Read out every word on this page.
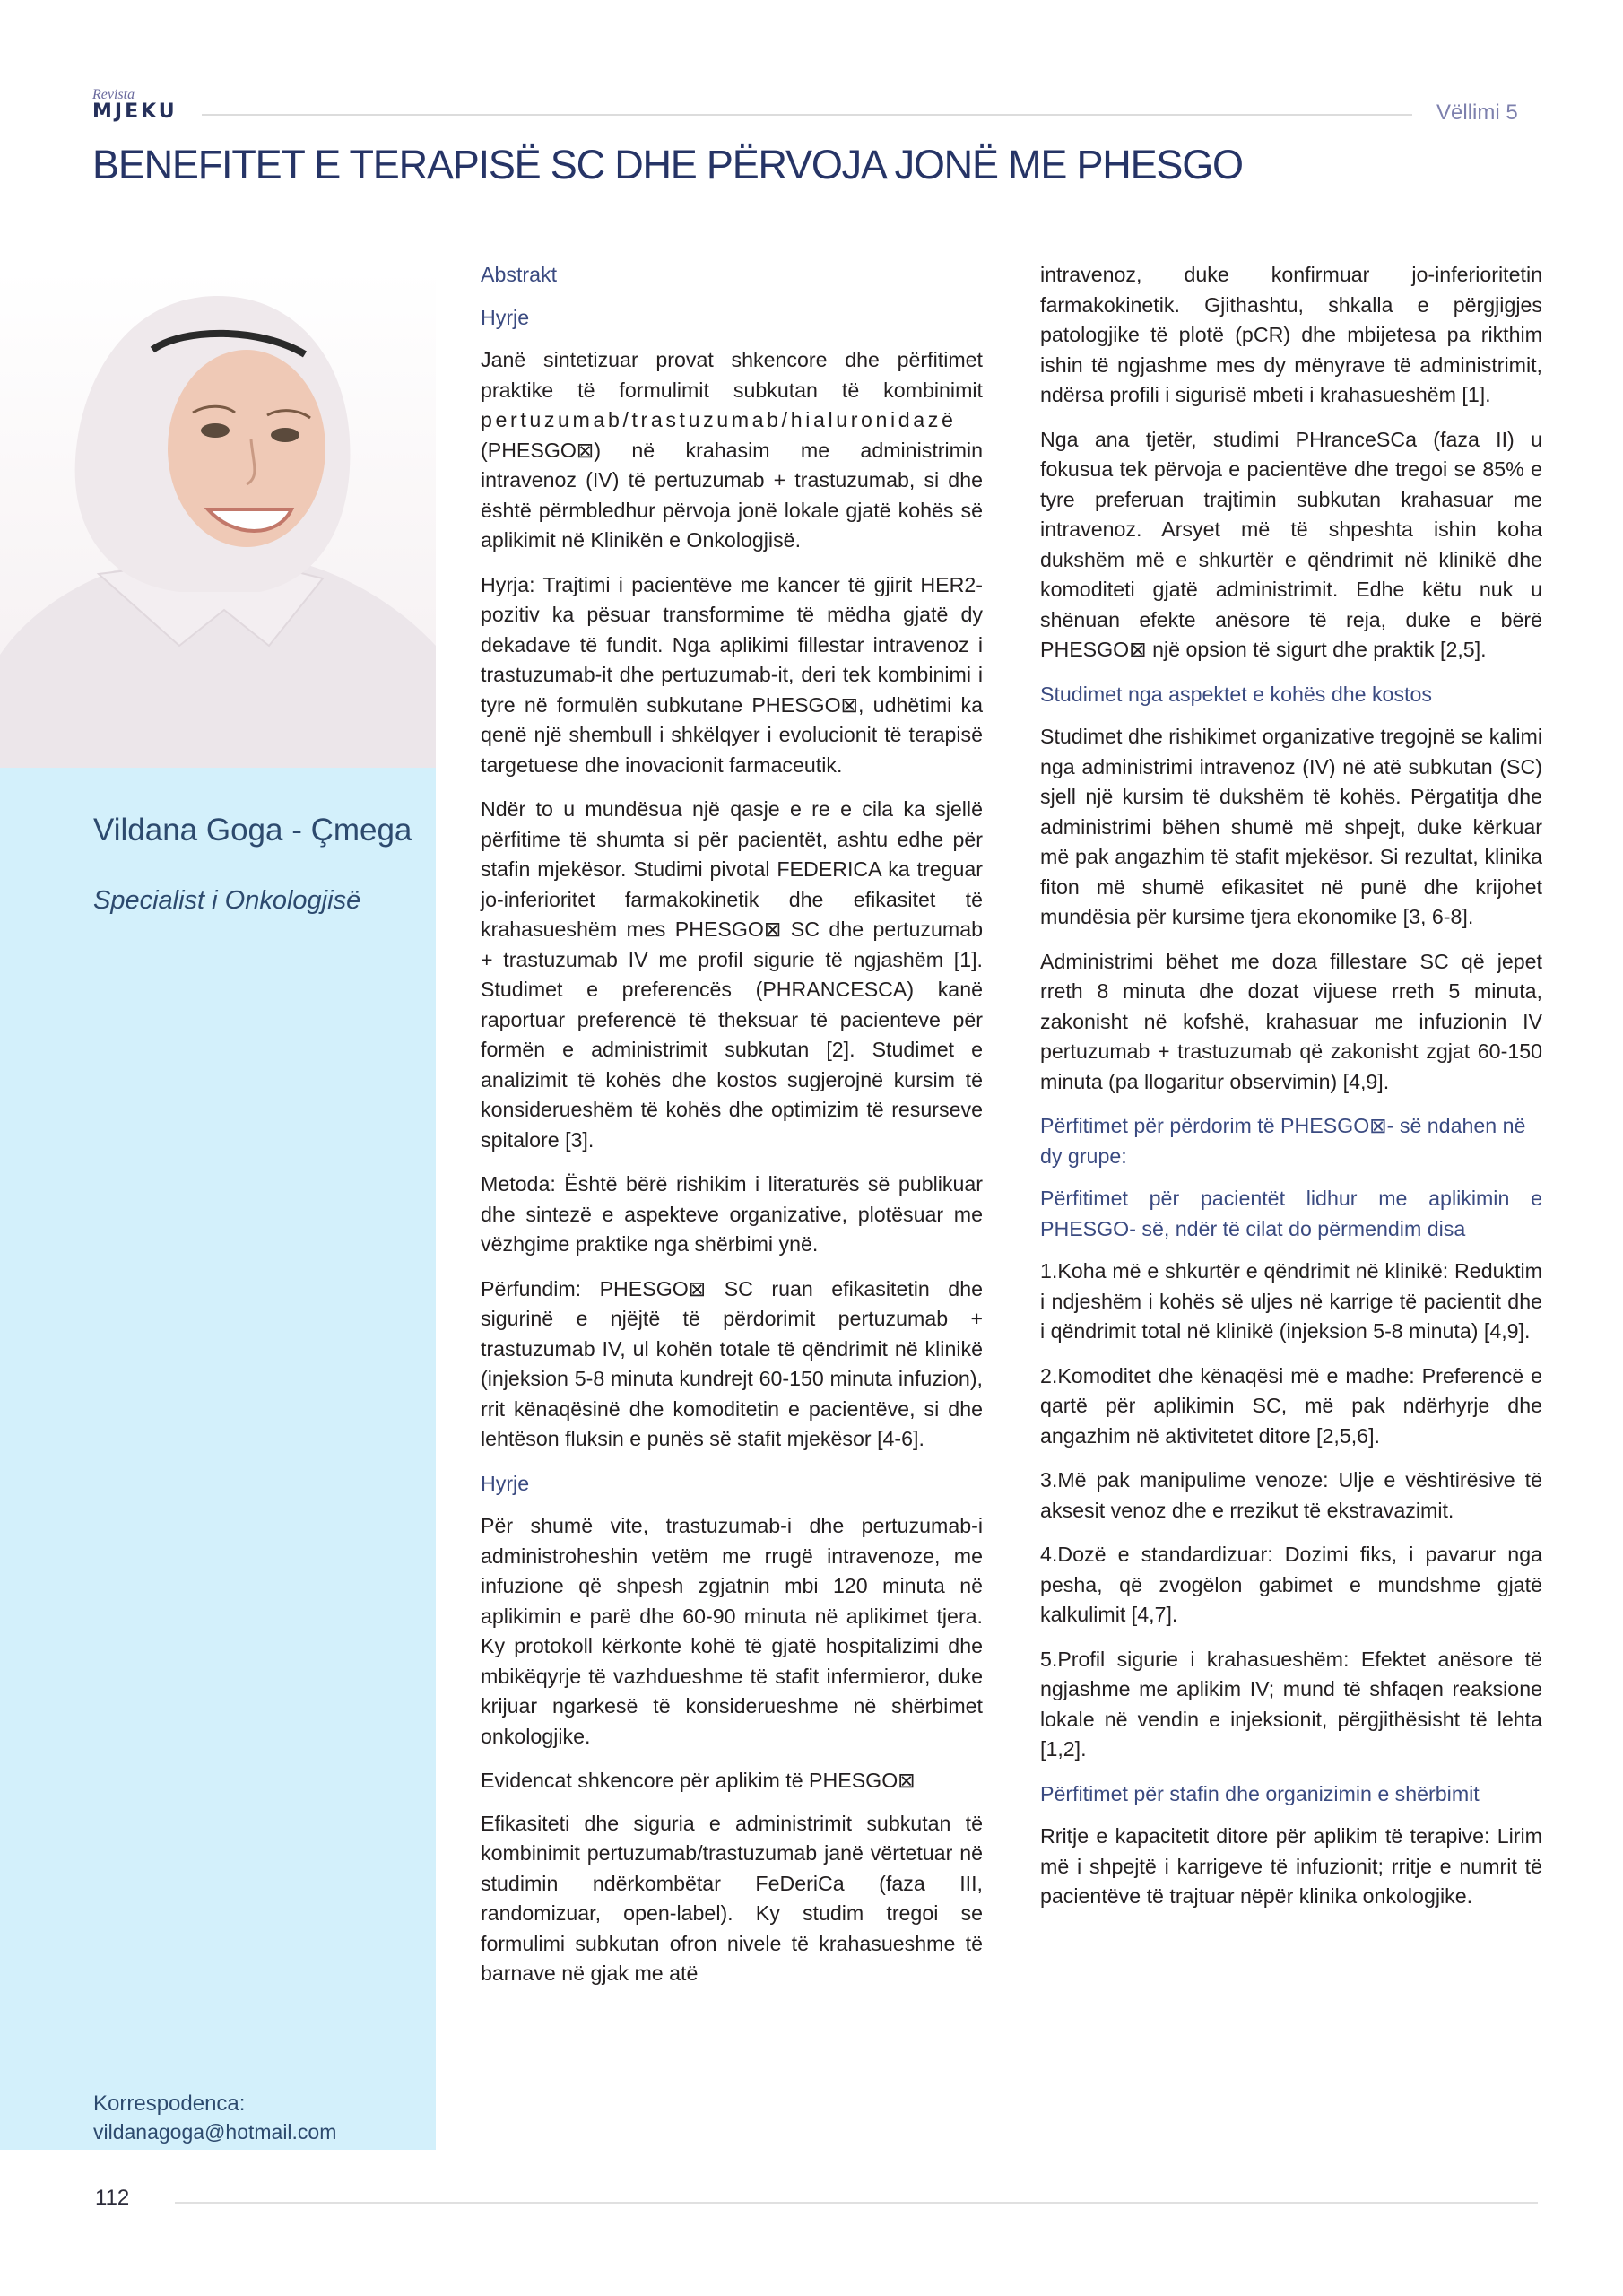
Revista
MJEKU	Vëllimi 5
BENEFITET E TERAPISË SC DHE PËRVOJA JONË ME PHESGO
Vildana Goga - Çmega
Specialist i Onkologjisë
Korrespodenca:
vildanagoga@hotmail.com
Abstrakt
Hyrje

Janë sintetizuar provat shkencore dhe përfitimet praktike të formulimit subkutan të kombinimit pertuzumab/trastuzumab/hialuronidazë (PHESGO⊠) në krahasim me administrimin intravenoz (IV) të pertuzumab + trastuzumab, si dhe është përmbledhur përvoja jonë lokale gjatë kohës së aplikimit në Klinikën e Onkologjisë.

Hyrja: Trajtimi i pacientëve me kancer të gjirit HER2-pozitiv ka pësuar transformime të mëdha gjatë dy dekadave të fundit. Nga aplikimi fillestar intravenoz i trastuzumab-it dhe pertuzumab-it, deri tek kombinimi i tyre në formulën subkutane PHESGO⊠, udhëtimi ka qenë një shembull i shkëlqyer i evolucionit të terapisë targetuese dhe inovacionit farmaceutik.

Ndër to u mundësua një qasje e re e cila ka sjellë përfitime të shumta si për pacientët, ashtu edhe për stafin mjekësor. Studimi pivotal FEDERICA ka treguar jo-inferioritet farmakokinetik dhe efikasitet të krahasueshëm mes PHESGO⊠ SC dhe pertuzumab + trastuzumab IV me profil sigurie të ngjashëm [1]. Studimet e preferencës (PHRANCESCA) kanë raportuar preferencë të theksuar të pacienteve për formën e administrimit subkutan [2]. Studimet e analizimit të kohës dhe kostos sugjerojnë kursim të konsiderueshëm të kohës dhe optimizim të resurseve spitalore [3].

Metoda: Është bërë rishikim i literaturës së publikuar dhe sintezë e aspekteve organizative, plotësuar me vëzhgime praktike nga shërbimi ynë.

Përfundim: PHESGO⊠ SC ruan efikasitetin dhe sigurinë e njëjtë të përdorimit pertuzumab + trastuzumab IV, ul kohën totale të qëndrimit në klinikë (injeksion 5-8 minuta kundrejt 60-150 minuta infuzion), rrit kënaqësinë dhe komoditetin e pacientëve, si dhe lehtëson fluksin e punës së stafit mjekësor [4-6].

Hyrje

Për shumë vite, trastuzumab-i dhe pertuzumab-i administroheshin vetëm me rrugë intravenoze, me infuzione që shpesh zgjatnin mbi 120 minuta në aplikimin e parë dhe 60-90 minuta në aplikimet tjera. Ky protokoll kërkonte kohë të gjatë hospitalizimi dhe mbikëqyrje të vazhdueshme të stafit infermieror, duke krijuar ngarkesë të konsiderueshme në shërbimet onkologjike.

Evidencat shkencore për aplikim të PHESGO⊠

Efikasiteti dhe siguria e administrimit subkutan të kombinimit pertuzumab/trastuzumab janë vërtetuar në studimin ndërkombëtar FeDeriCa (faza III, randomizuar, open-label). Ky studim tregoi se formulimi subkutan ofron nivele të krahasueshme të barnave në gjak me atë

intravenoz, duke konfirmuar jo-inferioritetin farmakokinetik. Gjithashtu, shkalla e përgjigjes patologjike të plotë (pCR) dhe mbijetesa pa rikthim ishin të ngjashme mes dy mënyrave të administrimit, ndërsa profili i sigurisë mbeti i krahasueshëm [1].

Nga ana tjetër, studimi PHranceSCa (faza II) u fokusua tek përvoja e pacientëve dhe tregoi se 85% e tyre preferuan trajtimin subkutan krahasuar me intravenoz. Arsyet më të shpeshta ishin koha dukshëm më e shkurtër e qëndrimit në klinikë dhe komoditeti gjatë administrimit. Edhe këtu nuk u shënuan efekte anësore të reja, duke e bërë PHESGO⊠ një opsion të sigurt dhe praktik [2,5].

Studimet nga aspektet e kohës dhe kostos

Studimet dhe rishikimet organizative tregojnë se kalimi nga administrimi intravenoz (IV) në atë subkutan (SC) sjell një kursim të dukshëm të kohës. Përgatitja dhe administrimi bëhen shumë më shpejt, duke kërkuar më pak angazhim të stafit mjekësor. Si rezultat, klinika fiton më shumë efikasitet në punë dhe krijohet mundësia për kursime tjera ekonomike [3, 6-8].

Administrimi bëhet me doza fillestare SC që jepet rreth 8 minuta dhe dozat vijuese rreth 5 minuta, zakonisht në kofshë, krahasuar me infuzionin IV pertuzumab + trastuzumab që zakonisht zgjat 60-150 minuta (pa llogaritur observimin) [4,9].

Përfitimet për përdorim të PHESGO⊠- së ndahen në dy grupe:
Përfitimet për pacientët lidhur me aplikimin e PHESGO- së, ndër të cilat do përmendim disa

1.Koha më e shkurtër e qëndrimit në klinikë: Reduktim i ndjeshëm i kohës së uljes në karrige të pacientit dhe i qëndrimit total në klinikë (injeksion 5-8 minuta) [4,9].

2.Komoditet dhe kënaqësi më e madhe: Preferencë e qartë për aplikimin SC, më pak ndërhyrje dhe angazhim në aktivitetet ditore [2,5,6].

3.Më pak manipulime venoze: Ulje e vështirësive të aksesit venoz dhe e rrezikut të ekstravazimit.

4.Dozë e standardizuar: Dozimi fiks, i pavarur nga pesha, që zvogëlon gabimet e mundshme gjatë kalkulimit [4,7].

5.Profil sigurie i krahasueshëm: Efektet anësore të ngjashme me aplikim IV; mund të shfaqen reaksione lokale në vendin e injeksionit, përgjithësisht të lehta [1,2].

Përfitimet për stafin dhe organizimin e shërbimit

Rritje e kapacitetit ditore për aplikim të terapive: Lirim më i shpejtë i karrigeve të infuzionit; rritje e numrit të pacientëve të trajtuar nëpër klinika onkologjike.

112
